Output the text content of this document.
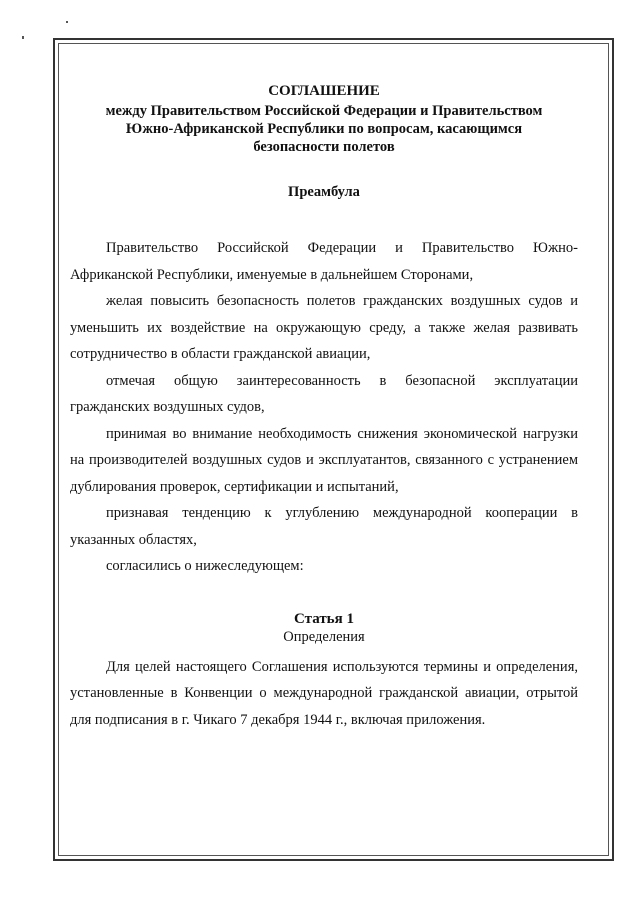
СОГЛАШЕНИЕ
между Правительством Российской Федерации и Правительством
Южно-Африканской Республики по вопросам, касающимся
безопасности полетов
Преамбула

Правительство Российской Федерации и Правительство Южно-Африканской Республики, именуемые в дальнейшем Сторонами,

желая повысить безопасность полетов гражданских воздушных судов и уменьшить их воздействие на окружающую среду, а также желая развивать сотрудничество в области гражданской авиации,

отмечая общую заинтересованность в безопасной эксплуатации гражданских воздушных судов,

принимая во внимание необходимость снижения экономической нагрузки на производителей воздушных судов и эксплуатантов, связанного с устранением дублирования проверок, сертификации и испытаний,

признавая тенденцию к углублению международной кооперации в указанных областях,

согласились о нижеследующем:

Статья 1
Определения

Для целей настоящего Соглашения используются термины и определения, установленные в Конвенции о международной гражданской авиации, отрытой для подписания в г. Чикаго 7 декабря 1944 г., включая приложения.
